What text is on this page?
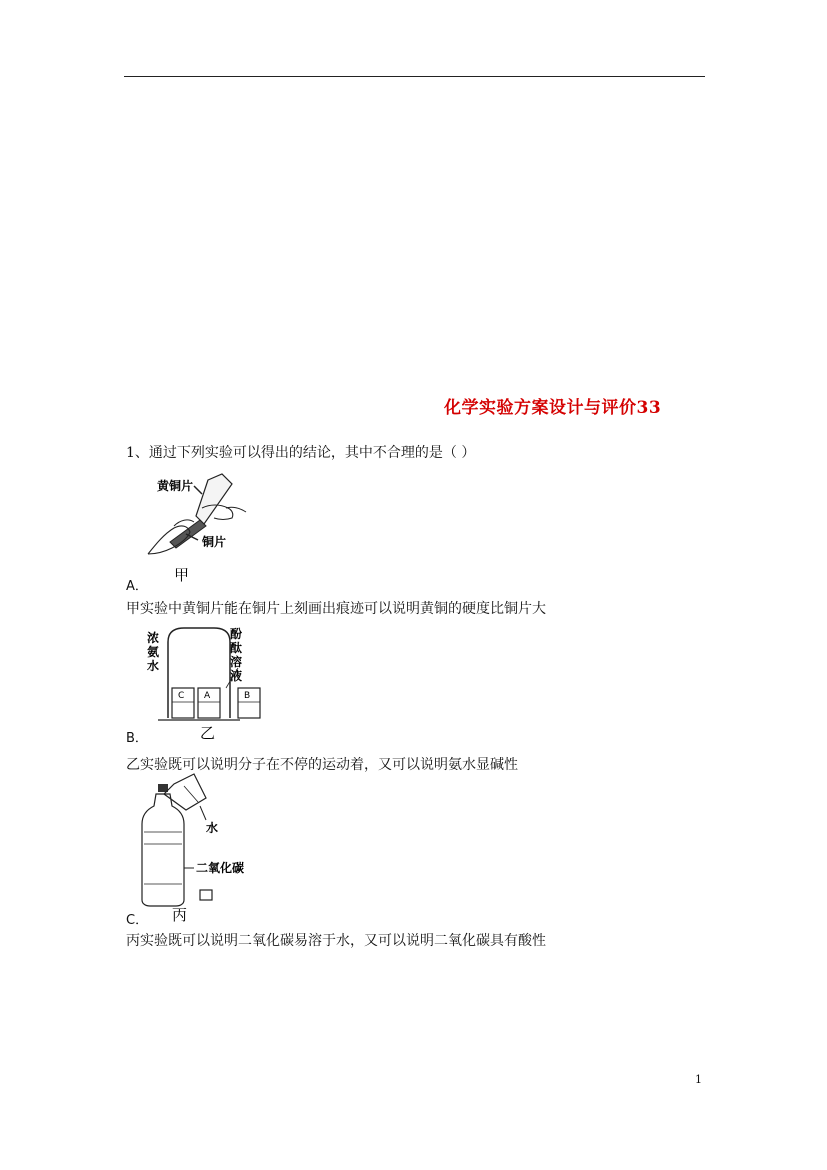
化学实验方案设计与评价33
1、通过下列实验可以得出的结论，其中不合理的是（ ）
黄铜片
铜片
甲
A．
甲实验中黄铜片能在铜片上刻画出痕迹可以说明黄铜的硬度比铜片大
浓氨水
酚酞溶液
C A	B
乙
B．
乙实验既可以说明分子在不停的运动着，又可以说明氨水显碱性
水
二氧化碳
丙
C．
丙实验既可以说明二氧化碳易溶于水，又可以说明二氧化碳具有酸性
1
